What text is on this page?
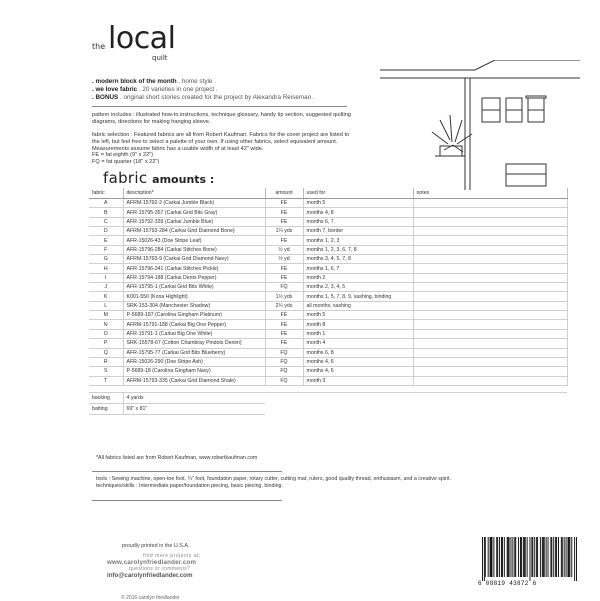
the local
quilt
. modern block of the month . home style .
. we love fabric . 20 varieties in one project .
. BONUS . original short stories created for the project by Alexandra Reiseman .
pattern includes : illustrated how-to instructions, technique glossary, handy tip section, suggested quilting diagrams, directions for making hanging sleeve.
fabric selection : Featured fabrics are all from Robert Kaufman. Fabrics for the cover project are listed to the left, but feel free to select a palette of your own. If using other fabrics, select equivalent amount. Measurements assume fabric has a usable width of at least 42" wide.
FE = fat eighth (9" x 22")
FQ = fat quarter (18" x 22")
fabric amounts :
fabric	description*	amount	used for	notes
A	AFRM-15792-2 (Carkai Jumble Black)	FE	month 5	
B	AFR-15795-357 (Carkai Grid Bits Gray)	FE	months 4, 8	
C	AFR-15792-339 (Carkai Jumble Blue)	FE	months 6, 7	
D	AFRM-15793-284 (Carkai Grid Diamond Bone)	1¼ yds	month 7, border	
E	AFR-15026-43 (Doe Stripe Leaf)	FE	months 1, 2, 3	
F	AFR-15796-284 (Carkai Stitches Bone)	½ yd	months 1, 2, 3, 6, 7, 8	
G	AFRM-15793-9 (Carkai Grid Diamond Navy)	½ yd	months 3, 4, 5, 7, 8	
H	AFR-15796-341 (Carkai Stitches Pickle)	FE	months 1, 6, 7	
I	AFR-15794-188 (Carkai Dents Pepper)	FE	month 2	
J	AFR-15795-1 (Carkai Grid Bits White)	FQ	months 2, 3, 4, 5	
K	K001-550 (Kona Highlight)	1½ yds	months 1, 5, 7, 8, 9, sashing, binding	
L	SRK-153-304 (Manchester Shadow)	2¼ yds	all months, sashing	
M	P-5689-187 (Carolina Gingham Platinum)	FE	month 5	
N	AFRM-15791-188 (Carkai Big One Pepper)	FE	month 8	
O	AFR-15791-1 (Carkai Big One White)	FE	month 1	
P	SRK-15578-67 (Cotton Chambray Pindots Denim)	FE	month 4	
Q	AFR-15795-77 (Carkai Grid Bits Blueberry)	FQ	months 6, 8	
R	AFR-15026-290 (Doe Stripe Ash)	FQ	months 4, 6	
S	P-5689-18 (Carolina Gingham Navy)	FQ	months 4, 6	
T	AFRM-15793-335 (Carkai Grid Diamond Shale)	FQ	month 3	

backing	4 yards			
batting	69" x 81"			
*All fabrics listed are from Robert Kaufman, www.robertkaufman.com
tools : Sewing machine, open-toe foot, ¼" foot, foundation paper, rotary cutter, cutting mat, rulers, good quality thread, enthusiasm, and a creative spirit.
techniques/skills : Intermediate paper/foundation piecing, basic piecing, binding.
proudly printed in the U.S.A.
find more projects at:
www.carolynfriedlander.com
questions or comments?
info@carolynfriedlander.com
© 2016 carolyn friedlander
6 08819 43872 6
